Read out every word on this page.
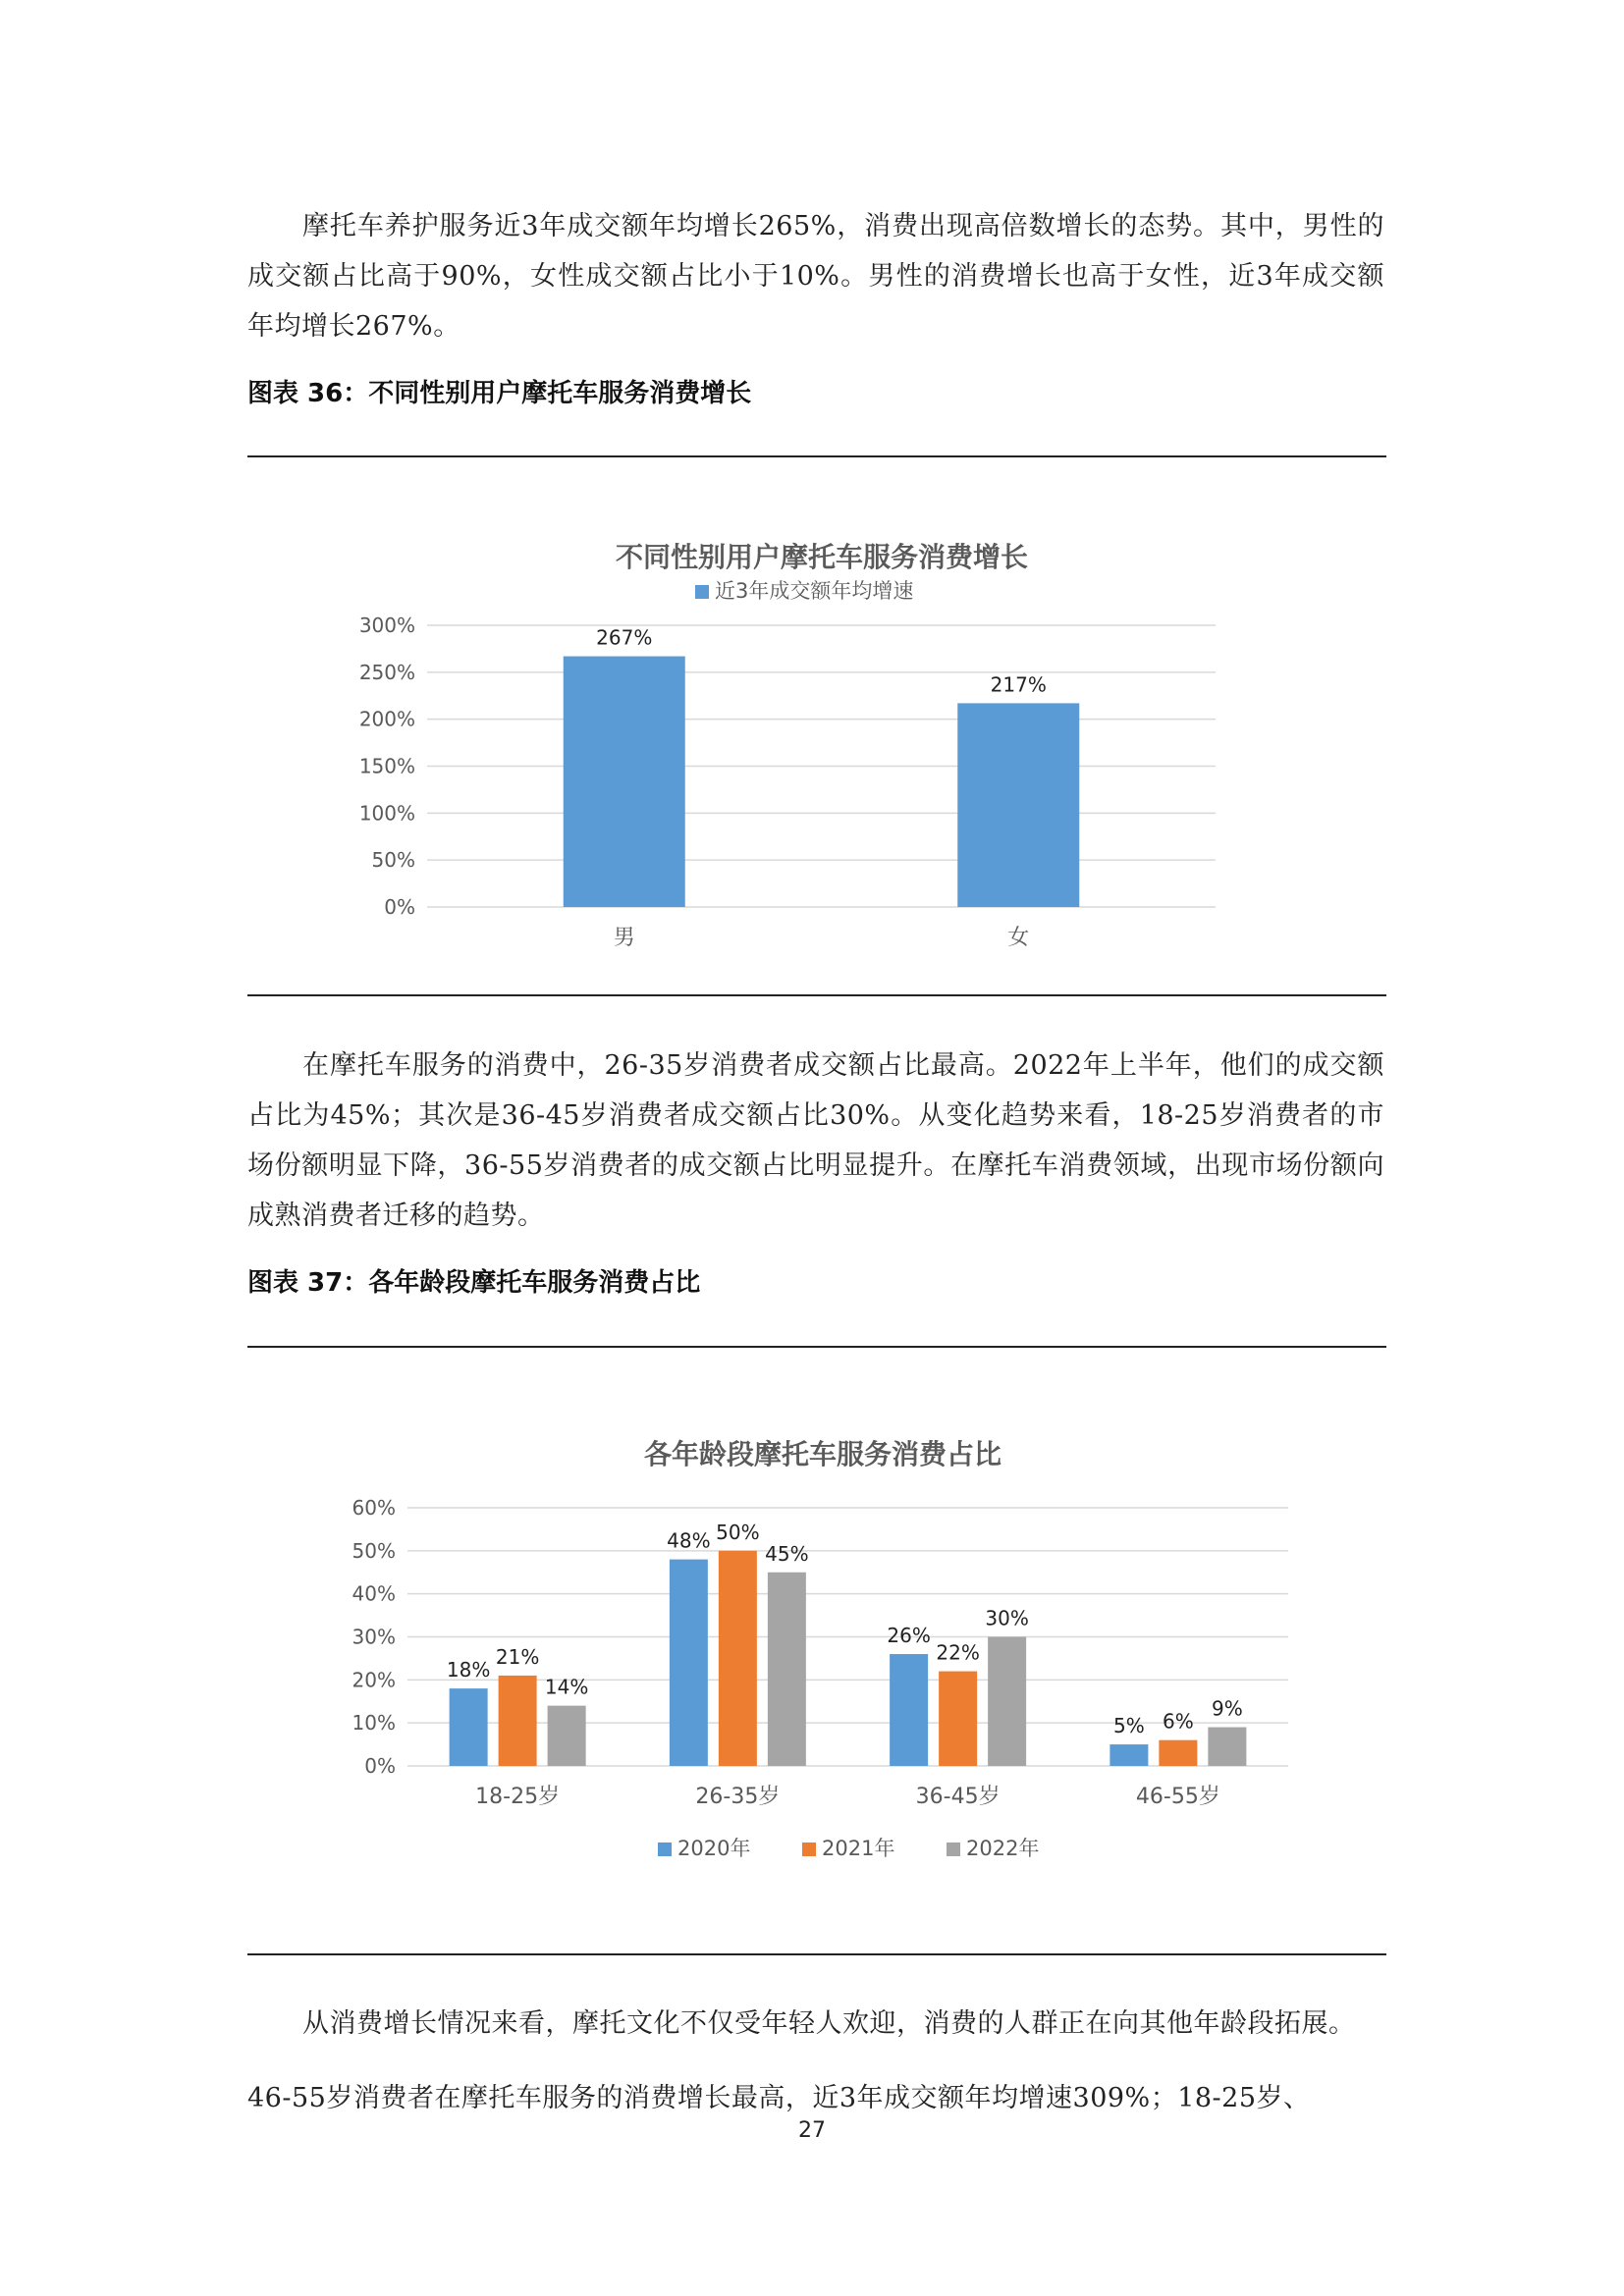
摩托车养护服务近3年成交额年均增长265%，消费出现高倍数增长的态势。其中，男性的成交额占比高于90%，女性成交额占比小于10%。男性的消费增长也高于女性，近3年成交额年均增长267%。

图表 36：不同性别用户摩托车服务消费增长

不同性别用户摩托车服务消费增长
0%
50%
100%
150%
200%
250%
300%
267%
男
217%
女
近3年成交额年均增速

在摩托车服务的消费中，26-35岁消费者成交额占比最高。2022年上半年，他们的成交额占比为45%；其次是36-45岁消费者成交额占比30%。从变化趋势来看，18-25岁消费者的市场份额明显下降，36-55岁消费者的成交额占比明显提升。在摩托车消费领域，出现市场份额向成熟消费者迁移的趋势。

图表 37：各年龄段摩托车服务消费占比

各年龄段摩托车服务消费占比
0%
10%
20%
30%
40%
50%
60%
18%
21%
14%
18-25岁
48% 50%
45%
26-35岁
26%
22%
30%
36-45岁
5% 6%
9%
46-55岁
2020年	2021年	2022年

从消费增长情况来看，摩托文化不仅受年轻人欢迎，消费的人群正在向其他年龄段拓展。

46-55岁消费者在摩托车服务的消费增长最高，近3年成交额年均增速309%；18-25岁、

27
